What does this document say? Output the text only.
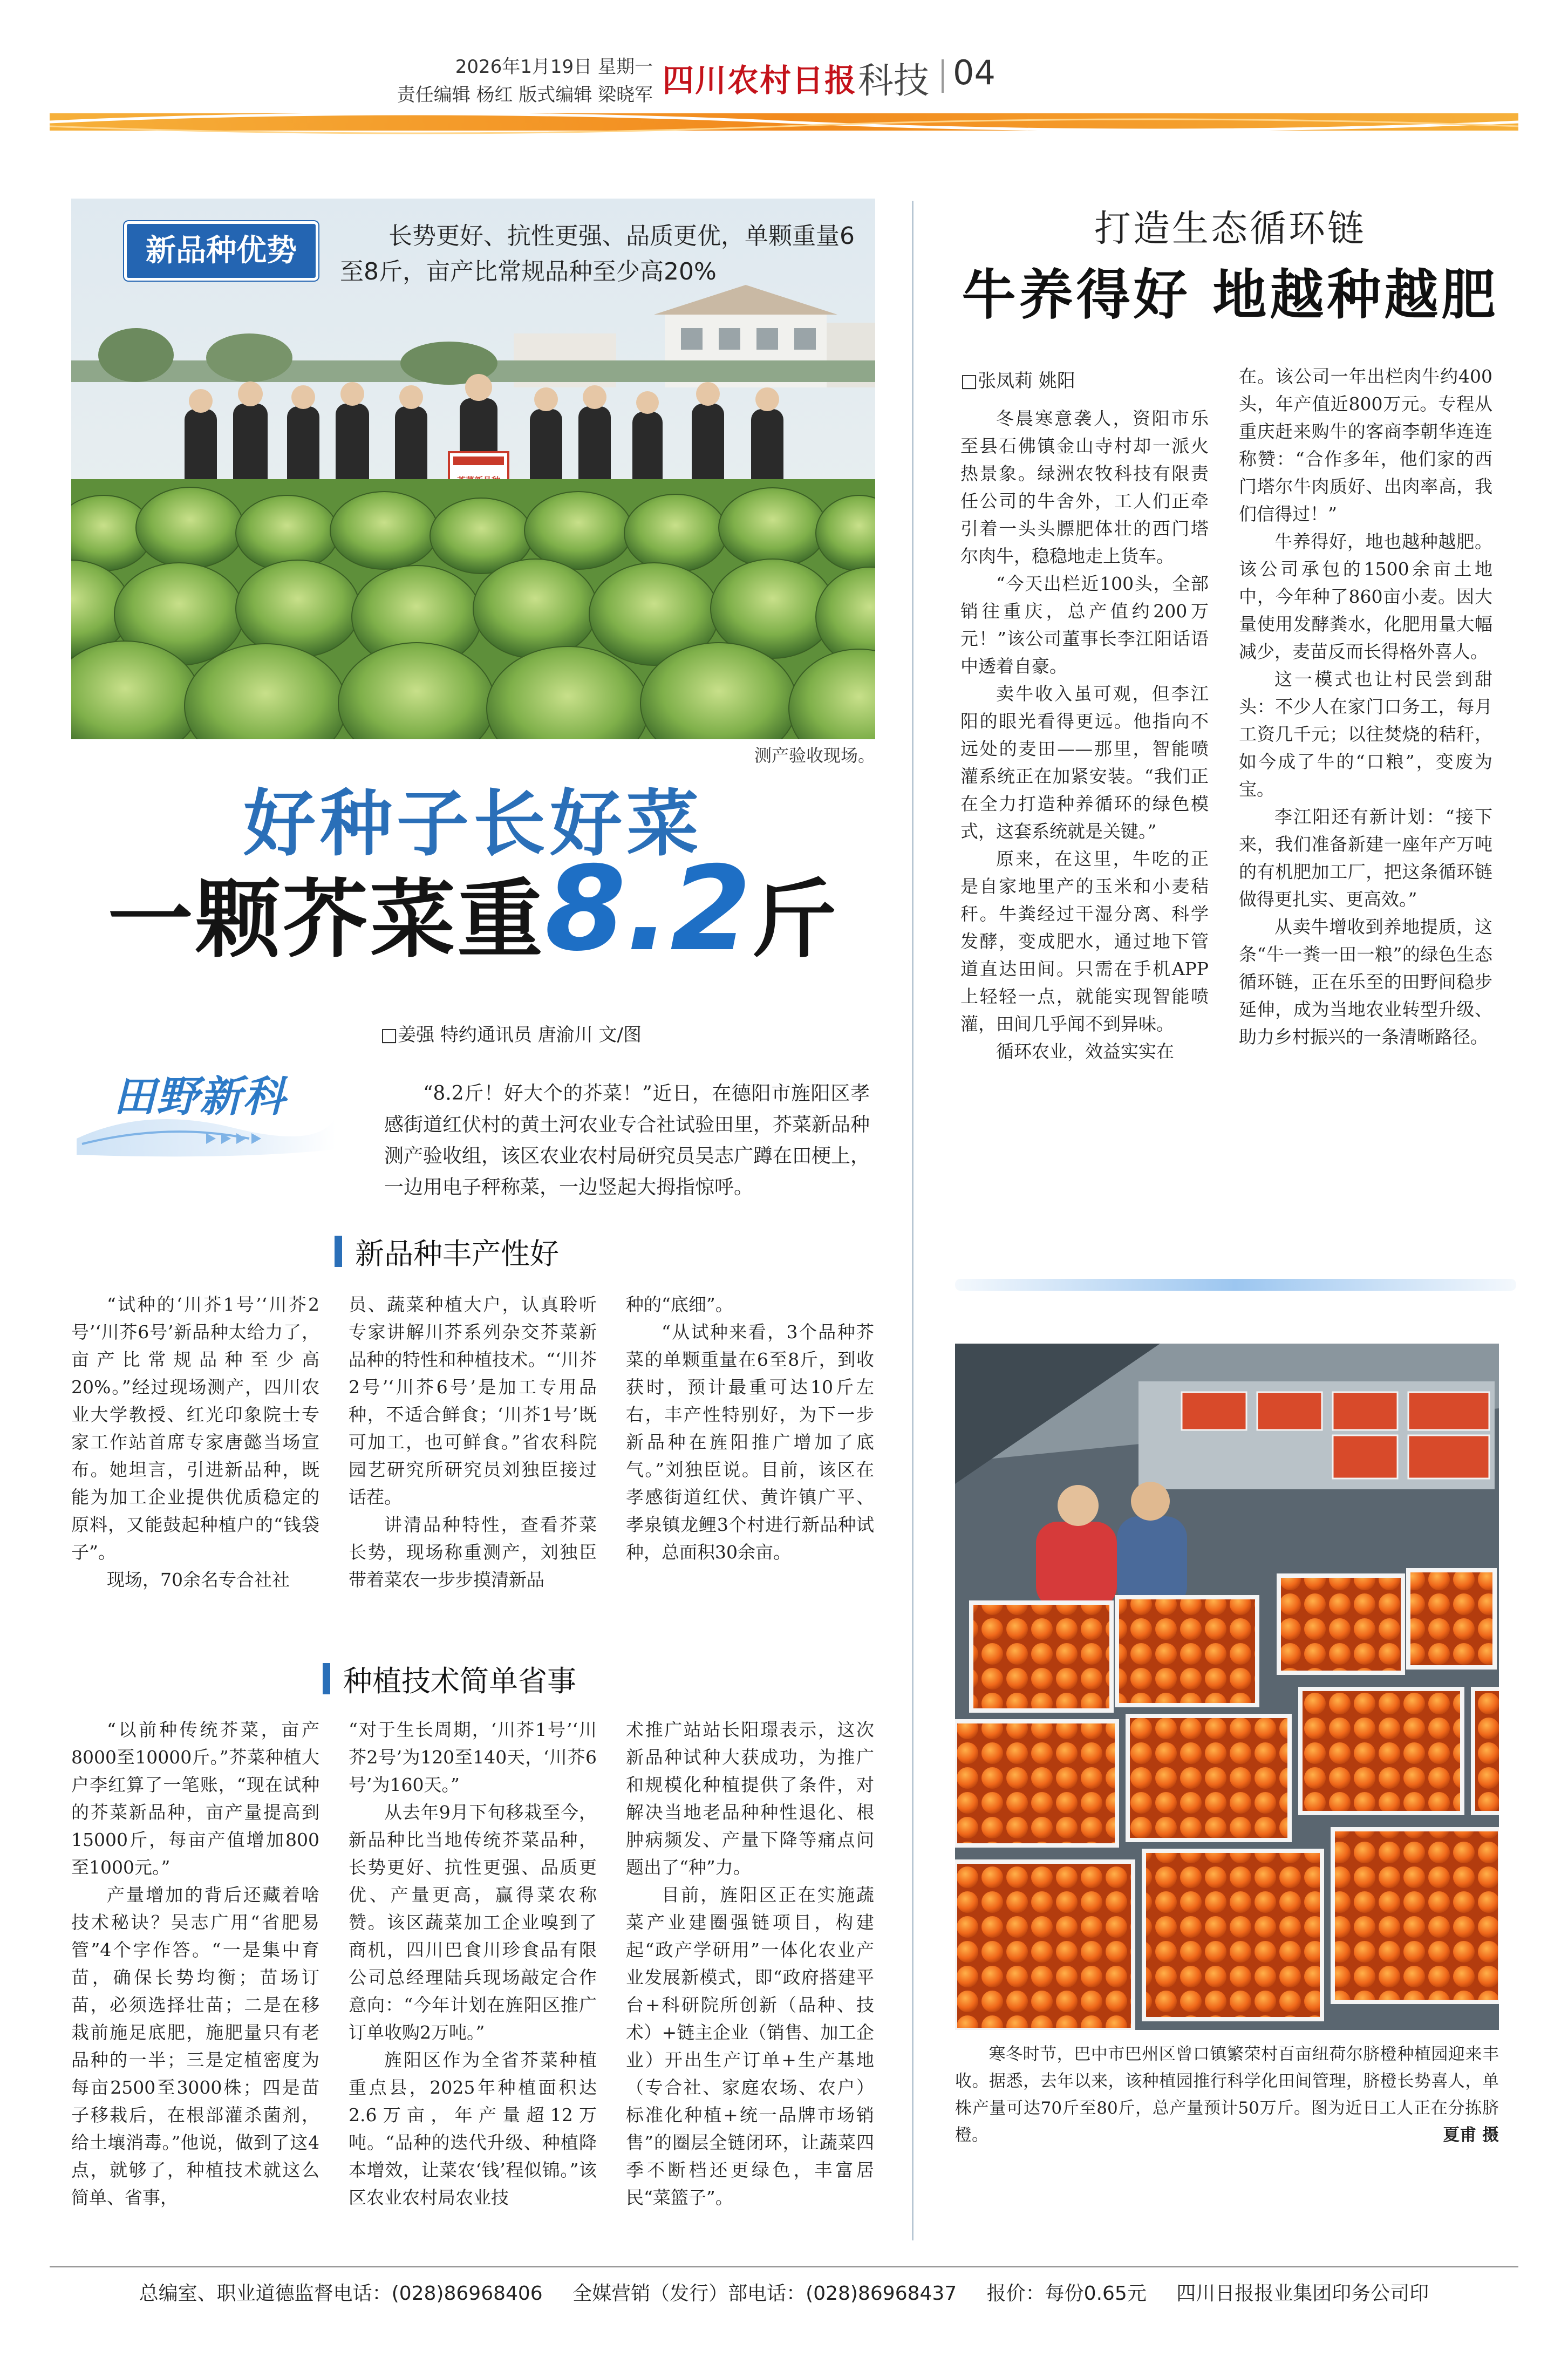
2026年1月19日 星期一
责任编辑 杨红 版式编辑 梁晓军 四川农村日报 科技 04
新品种优势	长势更好、抗性更强、品质更优，单颗重量6至8斤，亩产比常规品种至少高20%
测产验收现场。
好种子长好菜
一颗芥菜重8.2斤
□姜强 特约通讯员 唐渝川 文/图
田野新科	“8.2斤！好大个的芥菜！”近日，在德阳市旌阳区孝感街道红伏村的黄土河农业专合社试验田里，芥菜新品种测产验收组，该区农业农村局研究员吴志广蹲在田梗上，一边用电子秤称菜，一边竖起大拇指惊呼。
新品种丰产性好

“试种的‘川芥1号’‘川芥2号’‘川芥6号’新品种太给力了，亩产比常规品种至少高20%。”经过现场测产，四川农业大学教授、红光印象院士专家工作站首席专家唐懿当场宣布。她坦言，引进新品种，既能为加工企业提供优质稳定的原料，又能鼓起种植户的“钱袋子”。

现场，70余名专合社社

员、蔬菜种植大户，认真聆听专家讲解川芥系列杂交芥菜新品种的特性和种植技术。“‘川芥2号’‘川芥6号’是加工专用品种，不适合鲜食；‘川芥1号’既可加工，也可鲜食。”省农科院园艺研究所研究员刘独臣接过话茬。

讲清品种特性，查看芥菜长势，现场称重测产，刘独臣带着菜农一步步摸清新品

种的“底细”。

“从试种来看，3个品种芥菜的单颗重量在6至8斤，到收获时，预计最重可达10斤左右，丰产性特别好，为下一步新品种在旌阳推广增加了底气。”刘独臣说。目前，该区在孝感街道红伏、黄许镇广平、孝泉镇龙鲤3个村进行新品种试种，总面积30余亩。

种植技术简单省事

“以前种传统芥菜，亩产8000至10000斤。”芥菜种植大户李红算了一笔账，“现在试种的芥菜新品种，亩产量提高到15000斤，每亩产值增加800至1000元。”

产量增加的背后还藏着啥技术秘诀？吴志广用“省肥易管”4个字作答。“一是集中育苗，确保长势均衡；苗场订苗，必须选择壮苗；二是在移栽前施足底肥，施肥量只有老品种的一半；三是定植密度为每亩2500至3000株；四是苗子移栽后，在根部灌杀菌剂，给土壤消毒。”他说，做到了这4点，就够了，种植技术就这么简单、省事，

“对于生长周期，‘川芥1号’‘川芥2号’为120至140天，‘川芥6号’为160天。”

从去年9月下旬移栽至今，新品种比当地传统芥菜品种，长势更好、抗性更强、品质更优、产量更高，赢得菜农称赞。该区蔬菜加工企业嗅到了商机，四川巴食川珍食品有限公司总经理陆兵现场敲定合作意向：“今年计划在旌阳区推广订单收购2万吨。”

旌阳区作为全省芥菜种植重点县，2025年种植面积达2.6万亩，年产量超12万吨。“品种的迭代升级、种植降本增效，让菜农‘钱’程似锦。”该区农业农村局农业技

术推广站站长阳璟表示，这次新品种试种大获成功，为推广和规模化种植提供了条件，对解决当地老品种种性退化、根肿病频发、产量下降等痛点问题出了“种”力。

目前，旌阳区正在实施蔬菜产业建圈强链项目，构建起“政产学研用”一体化农业产业发展新模式，即“政府搭建平台+科研院所创新（品种、技术）+链主企业（销售、加工企业）开出生产订单+生产基地（专合社、家庭农场、农户）标准化种植+统一品牌市场销售”的圈层全链闭环，让蔬菜四季不断档还更绿色，丰富居民“菜篮子”。

打造生态循环链
牛养得好 地越种越肥
□张凤莉 姚阳

冬晨寒意袭人，资阳市乐至县石佛镇金山寺村却一派火热景象。绿洲农牧科技有限责任公司的牛舍外，工人们正牵引着一头头膘肥体壮的西门塔尔肉牛，稳稳地走上货车。

“今天出栏近100头，全部销往重庆，总产值约200万元！”该公司董事长李江阳话语中透着自豪。

卖牛收入虽可观，但李江阳的眼光看得更远。他指向不远处的麦田——那里，智能喷灌系统正在加紧安装。“我们正在全力打造种养循环的绿色模式，这套系统就是关键。”

原来，在这里，牛吃的正是自家地里产的玉米和小麦秸秆。牛粪经过干湿分离、科学发酵，变成肥水，通过地下管道直达田间。只需在手机APP上轻轻一点，就能实现智能喷灌，田间几乎闻不到异味。

循环农业，效益实实在

在。该公司一年出栏肉牛约400头，年产值近800万元。专程从重庆赶来购牛的客商李朝华连连称赞：“合作多年，他们家的西门塔尔牛肉质好、出肉率高，我们信得过！”

牛养得好，地也越种越肥。该公司承包的1500余亩土地中，今年种了860亩小麦。因大量使用发酵粪水，化肥用量大幅减少，麦苗反而长得格外喜人。

这一模式也让村民尝到甜头：不少人在家门口务工，每月工资几千元；以往焚烧的秸秆，如今成了牛的“口粮”，变废为宝。

李江阳还有新计划：“接下来，我们准备新建一座年产万吨的有机肥加工厂，把这条循环链做得更扎实、更高效。”

从卖牛增收到养地提质，这条“牛一粪一田一粮”的绿色生态循环链，正在乐至的田野间稳步延伸，成为当地农业转型升级、助力乡村振兴的一条清晰路径。

寒冬时节，巴中市巴州区曾口镇繁荣村百亩纽荷尔脐橙种植园迎来丰收。据悉，去年以来，该种植园推行科学化田间管理，脐橙长势喜人，单株产量可达70斤至80斤，总产量预计50万斤。图为近日工人正在分拣脐橙。	夏甫 摄
总编室、职业道德监督电话：(028)86968406 全媒营销（发行）部电话：(028)86968437 报价：每份0.65元 四川日报报业集团印务公司印
